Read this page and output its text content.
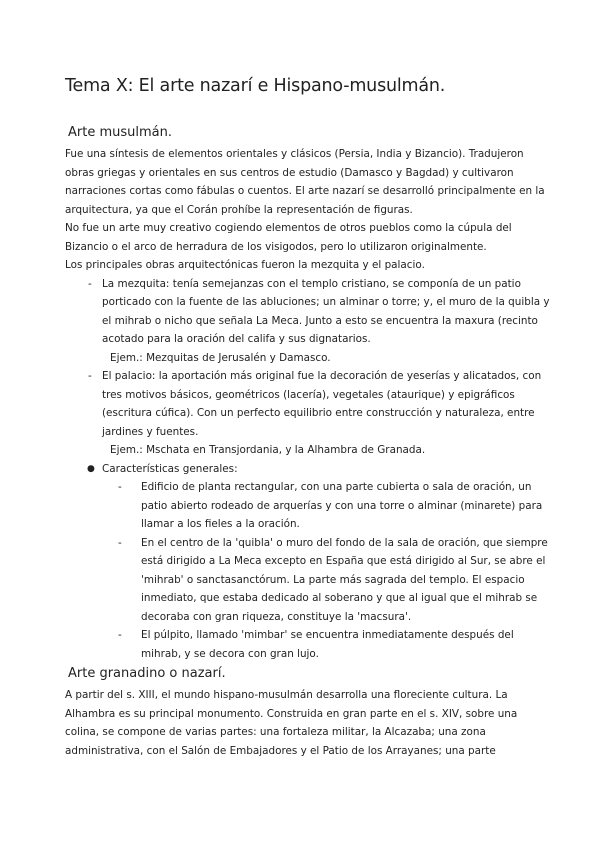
Tema X: El arte nazarí e Hispano-musulmán.
Arte musulmán.

Fue una síntesis de elementos orientales y clásicos (Persia, India y Bizancio). Tradujeron obras griegas y orientales en sus centros de estudio (Damasco y Bagdad) y cultivaron narraciones cortas como fábulas o cuentos. El arte nazarí se desarrolló principalmente en la arquitectura, ya que el Corán prohíbe la representación de figuras.

No fue un arte muy creativo cogiendo elementos de otros pueblos como la cúpula del Bizancio o el arco de herradura de los visigodos, pero lo utilizaron originalmente.

Los principales obras arquitectónicas fueron la mezquita y el palacio.

- La mezquita: tenía semejanzas con el templo cristiano, se componía de un patio porticado con la fuente de las abluciones; un alminar o torre; y, el muro de la quibla y el mihrab o nicho que señala La Meca. Junto a esto se encuentra la maxura (recinto acotado para la oración del califa y sus dignatarios.
Ejem.: Mezquitas de Jerusalén y Damasco.
- El palacio: la aportación más original fue la decoración de yeserías y alicatados, con tres motivos básicos, geométricos (lacería), vegetales (ataurique) y epigráficos (escritura cúfica). Con un perfecto equilibrio entre construcción y naturaleza, entre jardines y fuentes.
Ejem.: Mschata en Transjordania, y la Alhambra de Granada.
● Características generales:
- Edificio de planta rectangular, con una parte cubierta o sala de oración, un patio abierto rodeado de arquerías y con una torre o alminar (minarete) para llamar a los fieles a la oración.
- En el centro de la 'quibla' o muro del fondo de la sala de oración, que siempre está dirigido a La Meca excepto en España que está dirigido al Sur, se abre el 'mihrab' o sanctasanctórum. La parte más sagrada del templo. El espacio inmediato, que estaba dedicado al soberano y que al igual que el mihrab se decoraba con gran riqueza, constituye la 'macsura'.
- El púlpito, llamado 'mimbar' se encuentra inmediatamente después del mihrab, y se decora con gran lujo.
Arte granadino o nazarí.

A partir del s. XIII, el mundo hispano-musulmán desarrolla una floreciente cultura. La Alhambra es su principal monumento. Construida en gran parte en el s. XIV, sobre una colina, se compone de varias partes: una fortaleza militar, la Alcazaba; una zona administrativa, con el Salón de Embajadores y el Patio de los Arrayanes; una parte
